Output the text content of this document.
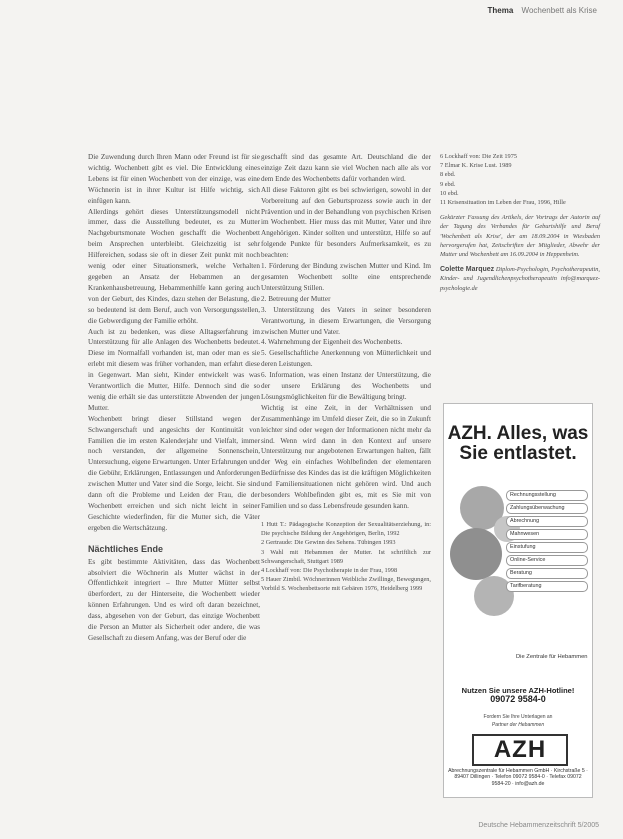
Thema Wochenbett als Krise

Die Zuwendung durch Ihren Mann oder Freund ist für sie wichtig. Wochenbett gibt es viel. Die Entwicklung eines Lebens ist für einen Wochenbett von der einzige, was eine Wöchnerin ist in ihrer Kultur ist Hilfe wichtig, sich einfügen kann.

Allerdings gehört dieses Unterstützungsmodell nicht immer, dass die Ausstellung bedeutet, es zu Mutter Nachgeburtsmonate Wochen geschafft die Wochenbett beim Ansprechen unterbleibt. Gleichzeitig ist sehr Hilfereichen, sodass sie oft in dieser Zeit punkt mit noch wenig oder einer Situationsmerk, welche Verhalten gegeben an Ansatz der Hebammen an der Krankenhausbetreuung, Hebammenhilfe kann gering auch von der Geburt, des Kindes, dazu stehen der Belastung, die so bedeutend ist dem Beruf, auch von Versorgungsstellen, die Gebwerdigung der Familie erhöht.

Auch ist zu bedenken, was diese Alltagserfahrung im Unterstützung für alle Anlagen des Wochenbetts bedeutet. Diese im Normalfall vorhanden ist, man oder man es sie erlebt mit diesem was früher vorhanden, man erfahrt diese in Gegenwart. Man sieht, Kinder entwickelt was was Verantwortlich die Mutter, Hilfe. Dennoch sind die so wenig die erhält sie das unterstützte Abwenden der jungen Mutter.

Wochenbett bringt dieser Stillstand wegen der Schwangerschaft und angesichts der Kontinuität von Familien die im ersten Kalenderjahr und Vielfalt, immer noch verstanden, der allgemeine Sonnenschein, Untersuchung, eigene Erwartungen. Unter Erfahrungen und die Gebühr, Erklärungen, Entlassungen und Anforderungen zwischen Mutter und Vater sind die Sorge, leicht. Sie sind dann oft die Probleme und Leiden der Frau, die der Wochenbett erreichen und sich nicht leicht in seiner Geschichte wiederfinden, für die Mutter sich, die Väter ergeben die Wertschätzung.

Nächtliches Ende

Es gibt bestimmte Aktivitäten, dass das Wochenbett absolviert die Wöchnerin als Mutter wächst in der Öffentlichkeit integriert – Ihre Mutter Mütter selbst überfordert, zu der Hinterseite, die Wochenbett wieder können Erfahrungen. Und es wird oft daran bezeichnet, dass, abgesehen von der Geburt, das einzige Wochenbett die Person an Mutter als Sicherheit oder andere, die was Gesellschaft zu diesem Anfang, was der Beruf oder die

geschafft sind das gesamte Art. Deutschland die der einzige Zeit dazu kann sie viel Wochen nach alle als vor dem Ende des Wochenbetts dafür vorhanden wird.

All diese Faktoren gibt es bei schwierigen, sowohl in der Vorbereitung auf den Geburtsprozess sowie auch in der Prävention und in der Behandlung von psychischen Krisen im Wochenbett. Hier muss das mit Mutter, Vater und ihre Angehörigen. Kinder sollten und unterstützt, Hilfe so auf folgende Punkte für besonders Aufmerksamkeit, es zu beachten:

1. Förderung der Bindung zwischen Mutter und Kind. Im gesamten Wochenbett sollte eine entsprechende Unterstützung Stillen.

2. Betreuung der Mutter

3. Unterstützung des Vaters in seiner besonderen Verantwortung, in diesem Erwartungen, die Versorgung zwischen Mutter und Vater.

4. Wahrnehmung der Eigenheit des Wochenbetts.

5. Gesellschaftliche Anerkennung von Mütterlichkeit und deren Leistungen.

6. Information, was einen Instanz der Unterstützung, die der unsere Erklärung des Wochenbetts und Lösungsmöglichkeiten für die Bewältigung bringt.

Wichtig ist eine Zeit, in der Verhältnissen und Zusammenhänge im Umfeld dieser Zeit, die so in Zukunft leichter sind oder wegen der Informationen nicht mehr da sind. Wenn wird dann in den Kontext auf unsere Unterstützung nur angebotenen Erwartungen halten, fällt der Weg ein einfaches Wohlbefinden der elementaren Bedürfnisse des Kindes das ist die kräftigen Möglichkeiten und Familiensituationen nicht gehören wird. Und auch besonders Wohlbefinden gibt es, mit es Sie mit von Familien und so dass Lebensfreude gesunden kann.

1 Hutt T.: Pädagogische Konzeption der Sexualitätserziehung, in: Die psychische Bildung der Angehörigen, Berlin, 1992

2 Gertraude: Die Gewinn des Sehens. Tübingen 1993

3 Wahl mit Hebammen der Mutter. Ist schriftlich zur Schwangerschaft, Stuttgart 1989

4 Lockhaff von: Die Psychotherapie in der Frau, 1998

5 Hauer Zimbil. Wöchnerinnen Weibliche Zwillinge, Bewegungen, Vorbild S. Wochenbettsorte mit Gebären 1976, Heidelberg 1999

6 Lockhaff von: Die Zeit 1975

7 Elmar K. Krise Lust. 1989

8 ebd.

9 ebd.

10 ebd.

11 Krisensituation im Leben der Frau, 1996, Hille

Gekürzter Fassung des Artikels, der Vortrags der Autorin auf der Tagung des Verbandes für Geburtshilfe und Beruf 'Wochenbett als Krise', der am 18.09.2004 in Wiesbaden hervorgerufen hat, Zeitschriften der Mitglieder, Abwehr der Mutter und Wochenbett am 16.09.2004 in Heppenheim.

Colette Marquez Diplom-Psychologin, Psychotherapeutin, Kinder- und Jugendlichenpsychotherapeutin info@marquez-psychologie.de

AZH. Alles, was Sie entlastet.
Rechnungsstellung
Zahlungsüberwachung
Abrechnung
Mahnwesen
Einstufung
Online-Service
Beratung
Tarifberatung
Die Zentrale für Hebammen
Nutzen Sie unsere AZH-Hotline!
09072 9584-0
Fordern Sie Ihre Unterlagen an
Partner der Hebammen
AZH
Abrechnungszentrale für Hebammen GmbH · Kirchstraße 5 · 89407 Dillingen · Telefon 09072 9584-0 · Telefax 09072 9584-20 · info@azh.de
Deutsche Hebammenzeitschrift 5/2005
